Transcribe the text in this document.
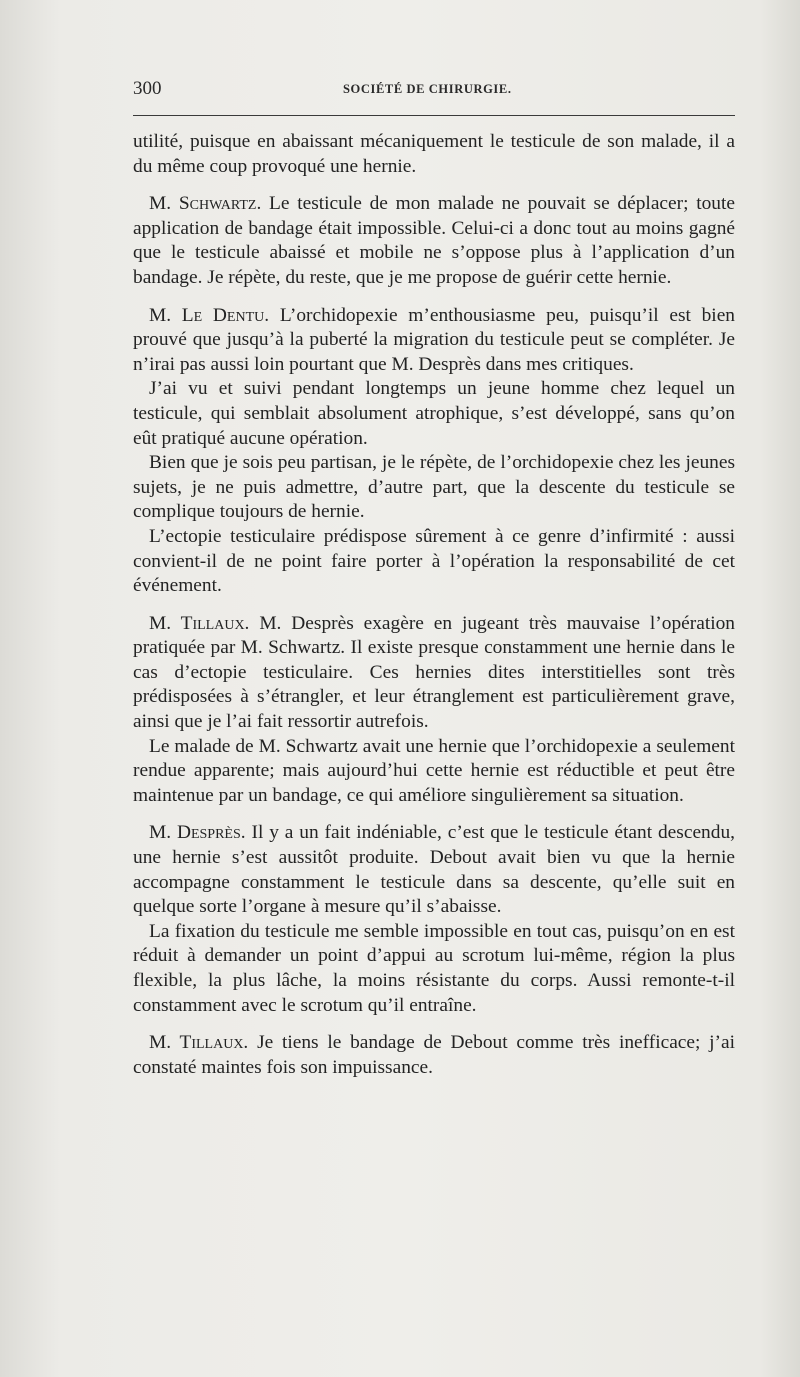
300	SOCIÉTÉ DE CHIRURGIE.

utilité, puisque en abaissant mécaniquement le testicule de son malade, il a du même coup provoqué une hernie.

M. Schwartz. Le testicule de mon malade ne pouvait se déplacer; toute application de bandage était impossible. Celui-ci a donc tout au moins gagné que le testicule abaissé et mobile ne s’oppose plus à l’application d’un bandage. Je répète, du reste, que je me propose de guérir cette hernie.

M. Le Dentu. L’orchidopexie m’enthousiasme peu, puisqu’il est bien prouvé que jusqu’à la puberté la migration du testicule peut se compléter. Je n’irai pas aussi loin pourtant que M. Desprès dans mes critiques.

J’ai vu et suivi pendant longtemps un jeune homme chez lequel un testicule, qui semblait absolument atrophique, s’est développé, sans qu’on eût pratiqué aucune opération.

Bien que je sois peu partisan, je le répète, de l’orchidopexie chez les jeunes sujets, je ne puis admettre, d’autre part, que la descente du testicule se complique toujours de hernie.

L’ectopie testiculaire prédispose sûrement à ce genre d’infirmité : aussi convient-il de ne point faire porter à l’opération la responsabilité de cet événement.

M. Tillaux. M. Desprès exagère en jugeant très mauvaise l’opération pratiquée par M. Schwartz. Il existe presque constamment une hernie dans le cas d’ectopie testiculaire. Ces hernies dites interstitielles sont très prédisposées à s’étrangler, et leur étranglement est particulièrement grave, ainsi que je l’ai fait ressortir autrefois.

Le malade de M. Schwartz avait une hernie que l’orchidopexie a seulement rendue apparente; mais aujourd’hui cette hernie est réductible et peut être maintenue par un bandage, ce qui améliore singulièrement sa situation.

M. Desprès. Il y a un fait indéniable, c’est que le testicule étant descendu, une hernie s’est aussitôt produite. Debout avait bien vu que la hernie accompagne constamment le testicule dans sa descente, qu’elle suit en quelque sorte l’organe à mesure qu’il s’abaisse.

La fixation du testicule me semble impossible en tout cas, puisqu’on en est réduit à demander un point d’appui au scrotum lui-même, région la plus flexible, la plus lâche, la moins résistante du corps. Aussi remonte-t-il constamment avec le scrotum qu’il entraîne.

M. Tillaux. Je tiens le bandage de Debout comme très inefficace; j’ai constaté maintes fois son impuissance.
